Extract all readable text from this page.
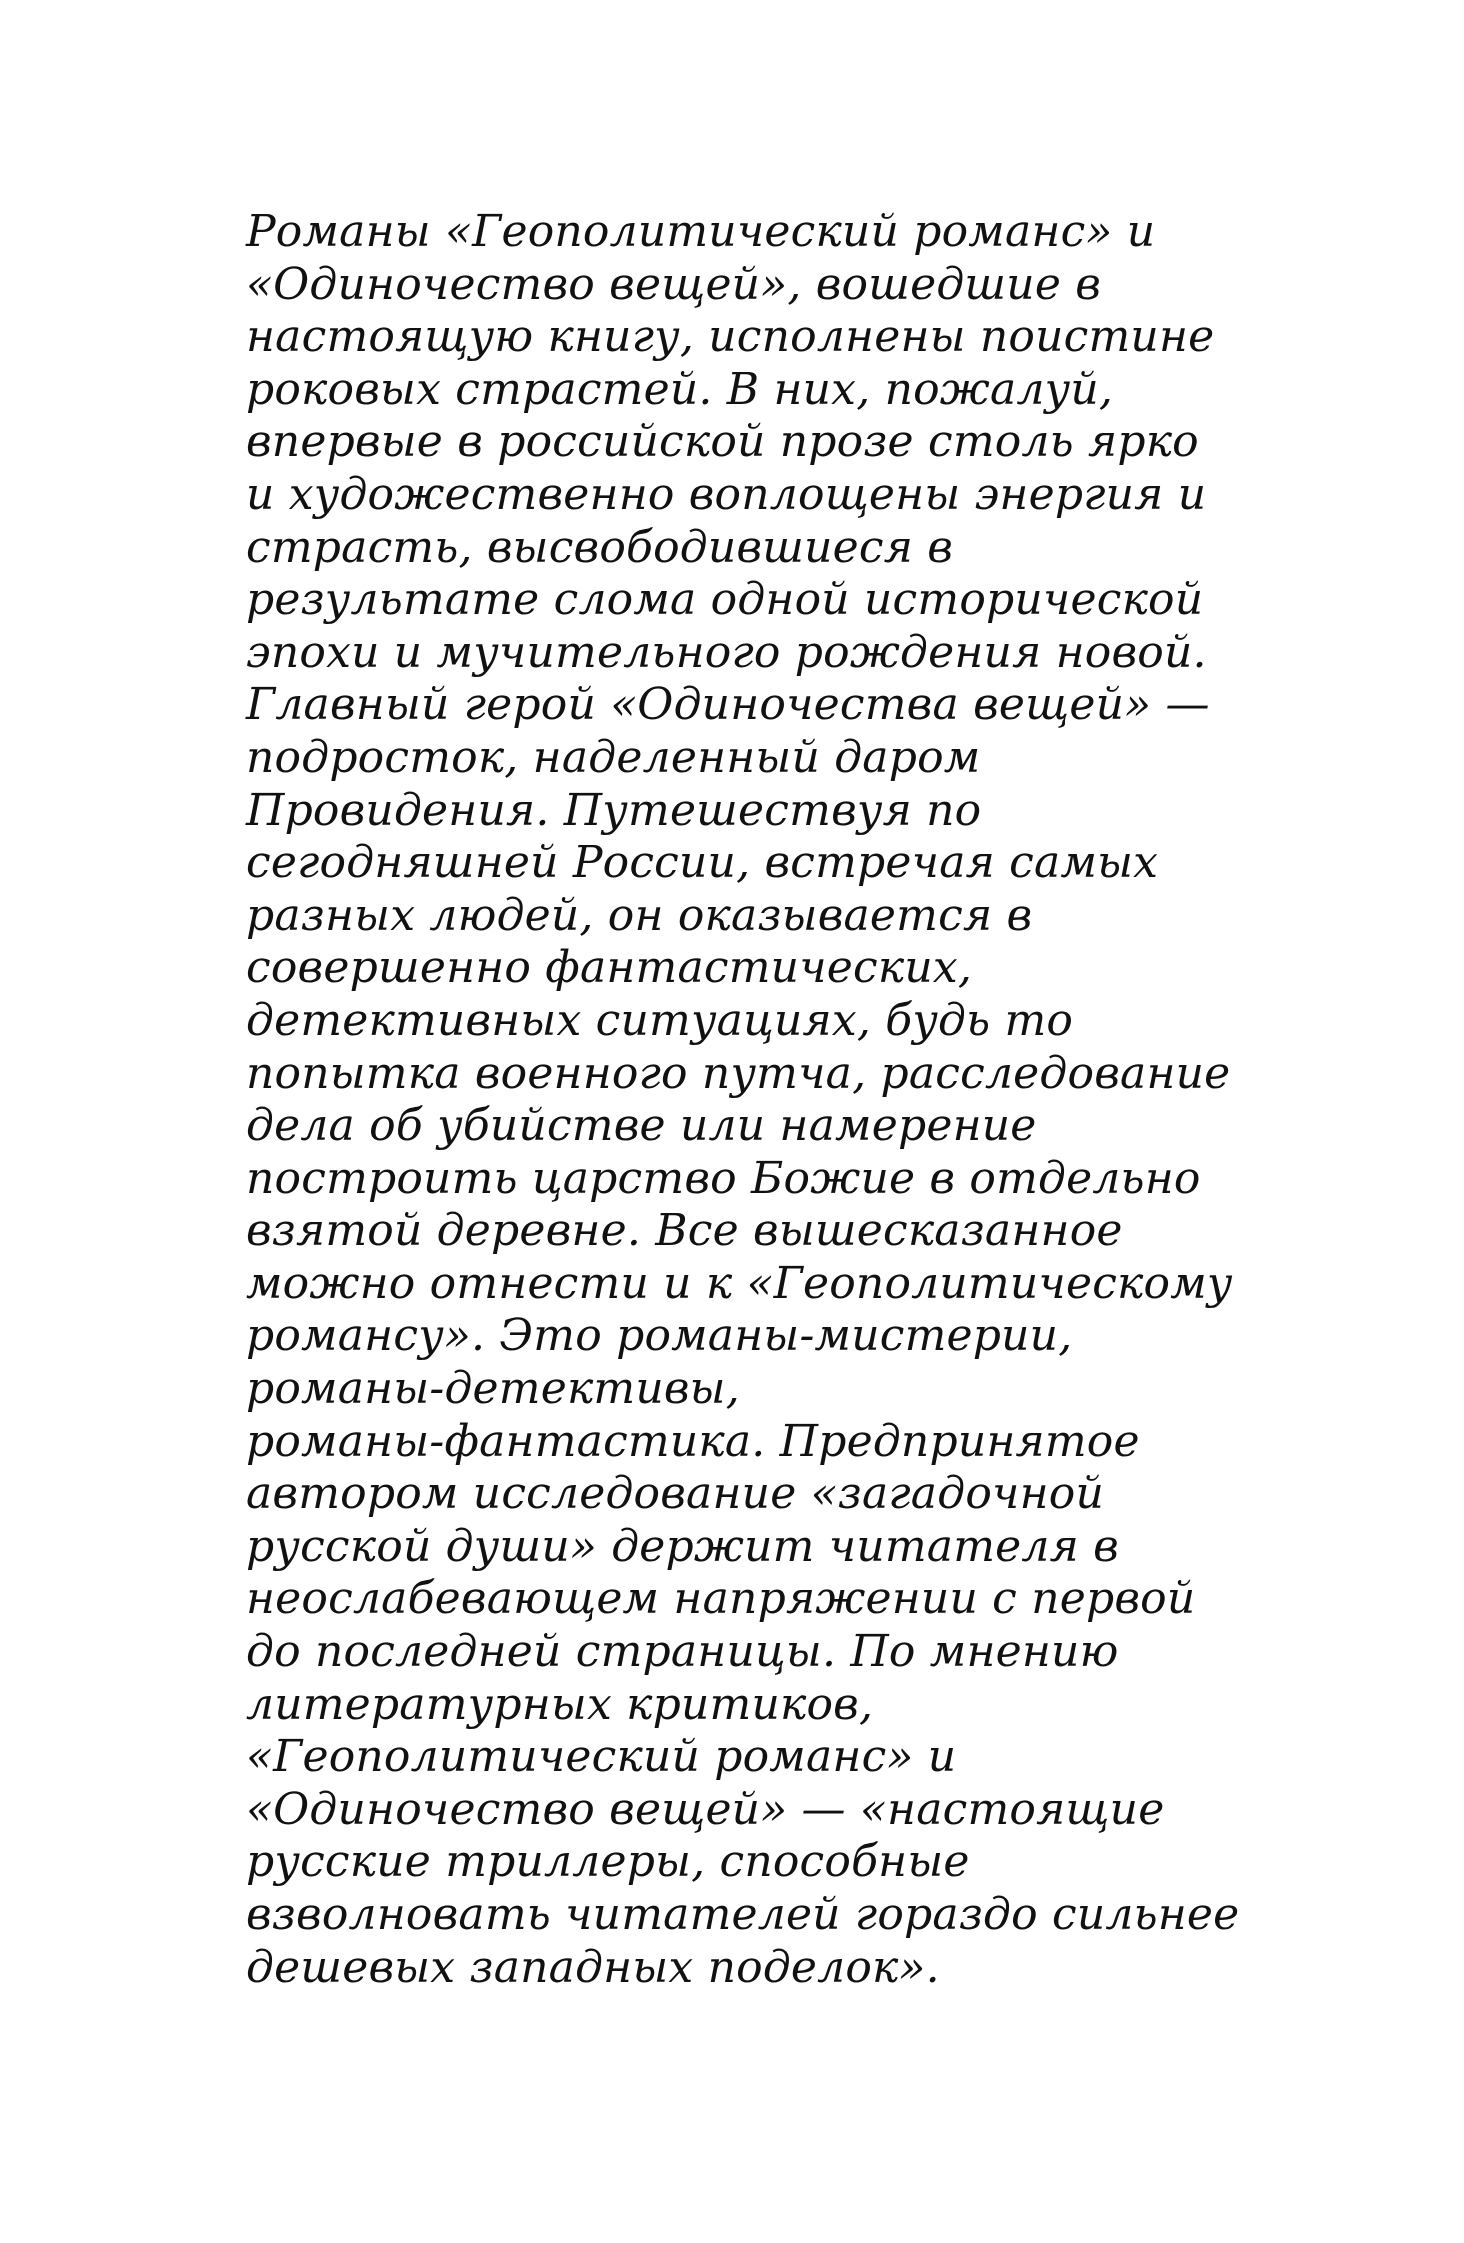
Романы «Геополитический романс» и
«Одиночество вещей», вошедшие в
настоящую книгу, исполнены поистине
роковых страстей. В них, пожалуй,
впервые в российской прозе столь ярко
и художественно воплощены энергия и
страсть, высвободившиеся в
результате слома одной исторической
эпохи и мучительного рождения новой.
Главный герой «Одиночества вещей» —
подросток, наделенный даром
Провидения. Путешествуя по
сегодняшней России, встречая самых
разных людей, он оказывается в
совершенно фантастических,
детективных ситуациях, будь то
попытка военного путча, расследование
дела об убийстве или намерение
построить царство Божие в отдельно
взятой деревне. Все вышесказанное
можно отнести и к «Геополитическому
романсу». Это романы-мистерии,
романы-детективы,
романы-фантастика. Предпринятое
автором исследование «загадочной
русской души» держит читателя в
неослабевающем напряжении с первой
до последней страницы. По мнению
литературных критиков,
«Геополитический романс» и
«Одиночество вещей» — «настоящие
русские триллеры, способные
взволновать читателей гораздо сильнее
дешевых западных поделок».
